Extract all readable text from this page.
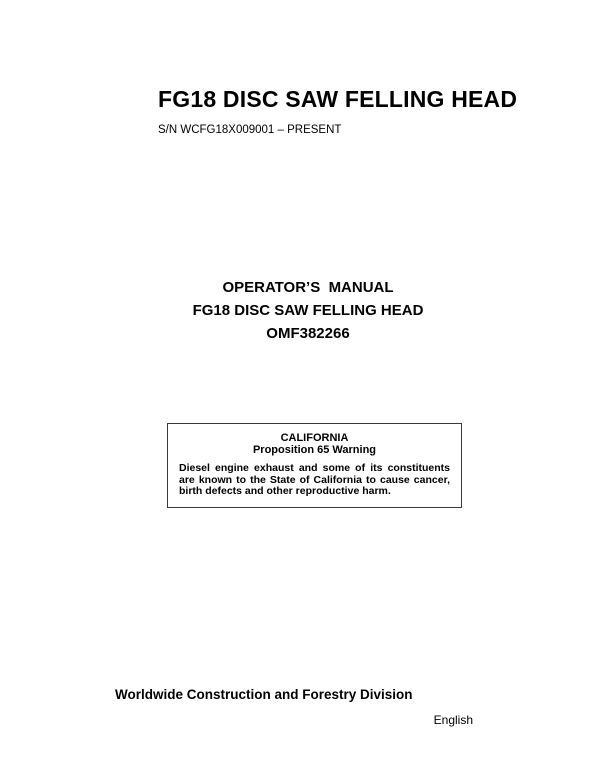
FG18 DISC SAW FELLING HEAD
S/N WCFG18X009001 – PRESENT
OPERATOR’S  MANUAL
FG18 DISC SAW FELLING HEAD
OMF382266
CALIFORNIA
Proposition 65 Warning

Diesel engine exhaust and some of its constituents are known to the State of California to cause cancer, birth defects and other reproductive harm.

Worldwide Construction and Forestry Division
English
